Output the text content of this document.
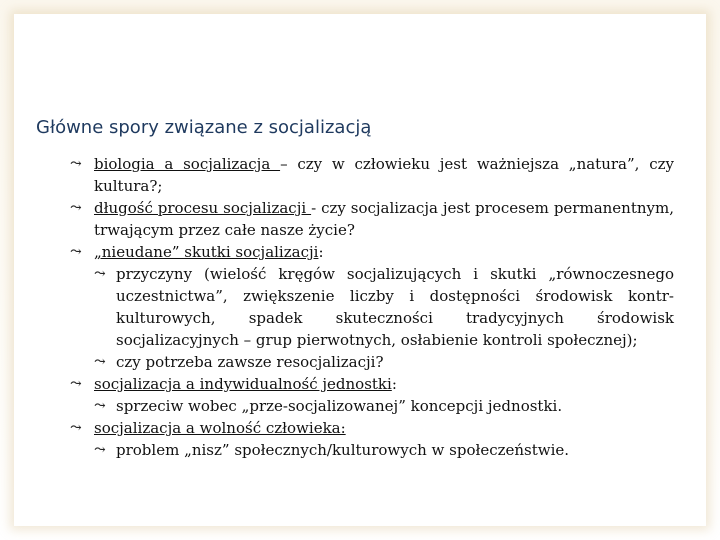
Główne spory związane z socjalizacją
⤳ biologia a socjalizacja – czy w człowieku jest ważniejsza „natura”, czy kultura?;
⤳ długość procesu socjalizacji - czy socjalizacja jest procesem permanentnym, trwającym przez całe nasze życie?
⤳ „nieudane” skutki socjalizacji:
⤳ przyczyny (wielość kręgów socjalizujących i skutki „równoczesnego uczestnictwa”, zwiększenie liczby i dostępności środowisk kontr-kulturowych, spadek skuteczności tradycyjnych środowisk socjalizacyjnych – grup pierwotnych, osłabienie kontroli społecznej);
⤳ czy potrzeba zawsze resocjalizacji?
⤳ socjalizacja a indywidualność jednostki:
⤳ sprzeciw wobec „prze-socjalizowanej” koncepcji jednostki.
⤳ socjalizacja a wolność człowieka:
⤳ problem „nisz” społecznych/kulturowych w społeczeństwie.
